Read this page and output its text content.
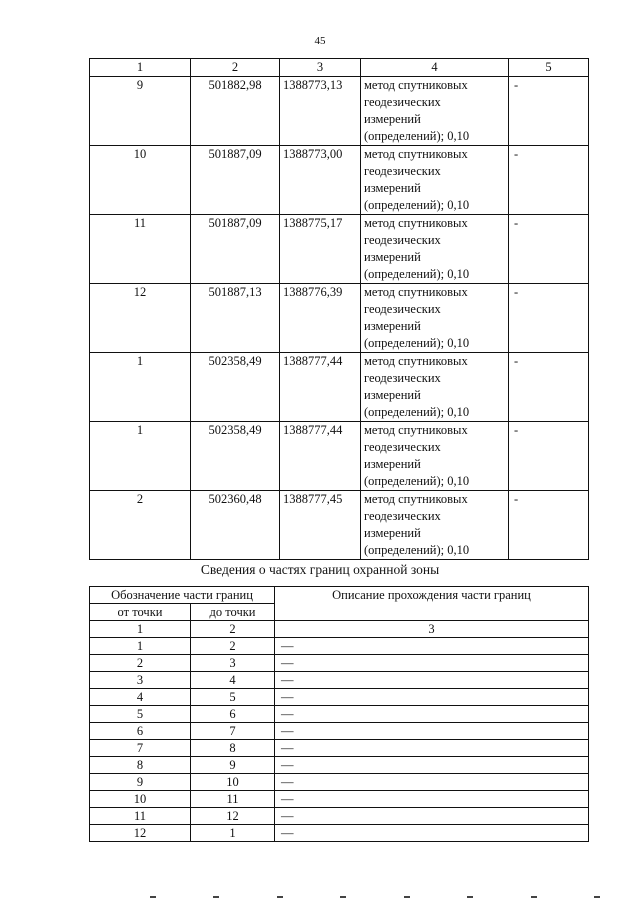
45
1	2	3	4	5
9	501882,98	1388773,13	метод спутниковых
геодезических
измерений
(определений); 0,10	-
10	501887,09	1388773,00	метод спутниковых
геодезических
измерений
(определений); 0,10	-
11	501887,09	1388775,17	метод спутниковых
геодезических
измерений
(определений); 0,10	-
12	501887,13	1388776,39	метод спутниковых
геодезических
измерений
(определений); 0,10	-
1	502358,49	1388777,44	метод спутниковых
геодезических
измерений
(определений); 0,10	-
1	502358,49	1388777,44	метод спутниковых
геодезических
измерений
(определений); 0,10	-
2	502360,48	1388777,45	метод спутниковых
геодезических
измерений
(определений); 0,10	-
Сведения о частях границ охранной зоны
Обозначение части границ		Описание прохождения части границ
от точки	до точки	
1	2	3
1	2	—
2	3	—
3	4	—
4	5	—
5	6	—
6	7	—
7	8	—
8	9	—
9	10	—
10	11	—
11	12	—
12	1	—
